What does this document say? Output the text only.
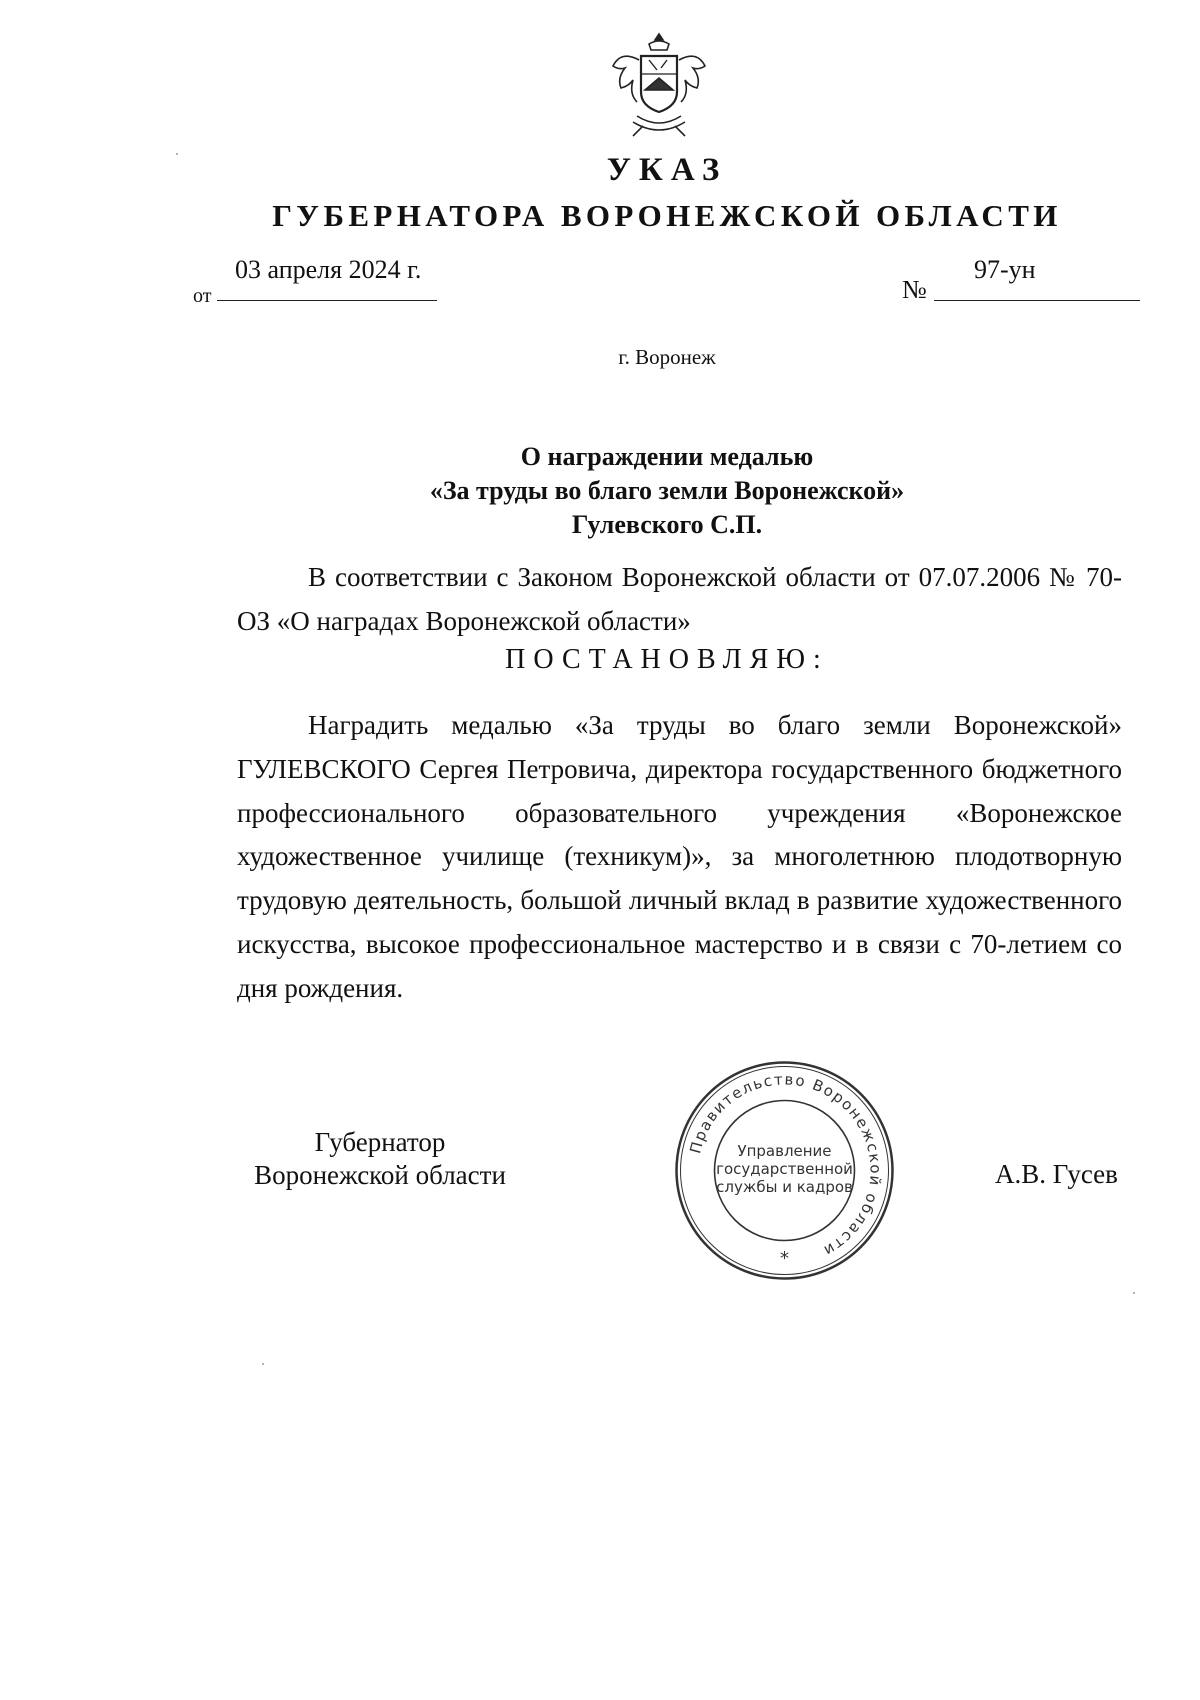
УКАЗ
ГУБЕРНАТОРА ВОРОНЕЖСКОЙ ОБЛАСТИ
от
03 апреля 2024 г.
№
97-ун
г. Воронеж
О награждении медалью
«За труды во благо земли Воронежской»
Гулевского С.П.
В соответствии с Законом Воронежской области от 07.07.2006 № 70-ОЗ «О наградах Воронежской области»
ПОСТАНОВЛЯЮ:
Наградить медалью «За труды во благо земли Воронежской» ГУЛЕВСКОГО Сергея Петровича, директора государственного бюджетного профессионального образовательного учреждения «Воронежское художественное училище (техникум)», за многолетнюю плодотворную трудовую деятельность, большой личный вклад в развитие художественного искусства, высокое профессиональное мастерство и в связи с 70-летием со дня рождения.
Губернатор
Воронежской области
Правительство Воронежской области
Управление
государственной
службы и кадров
*
А.В. Гусев
